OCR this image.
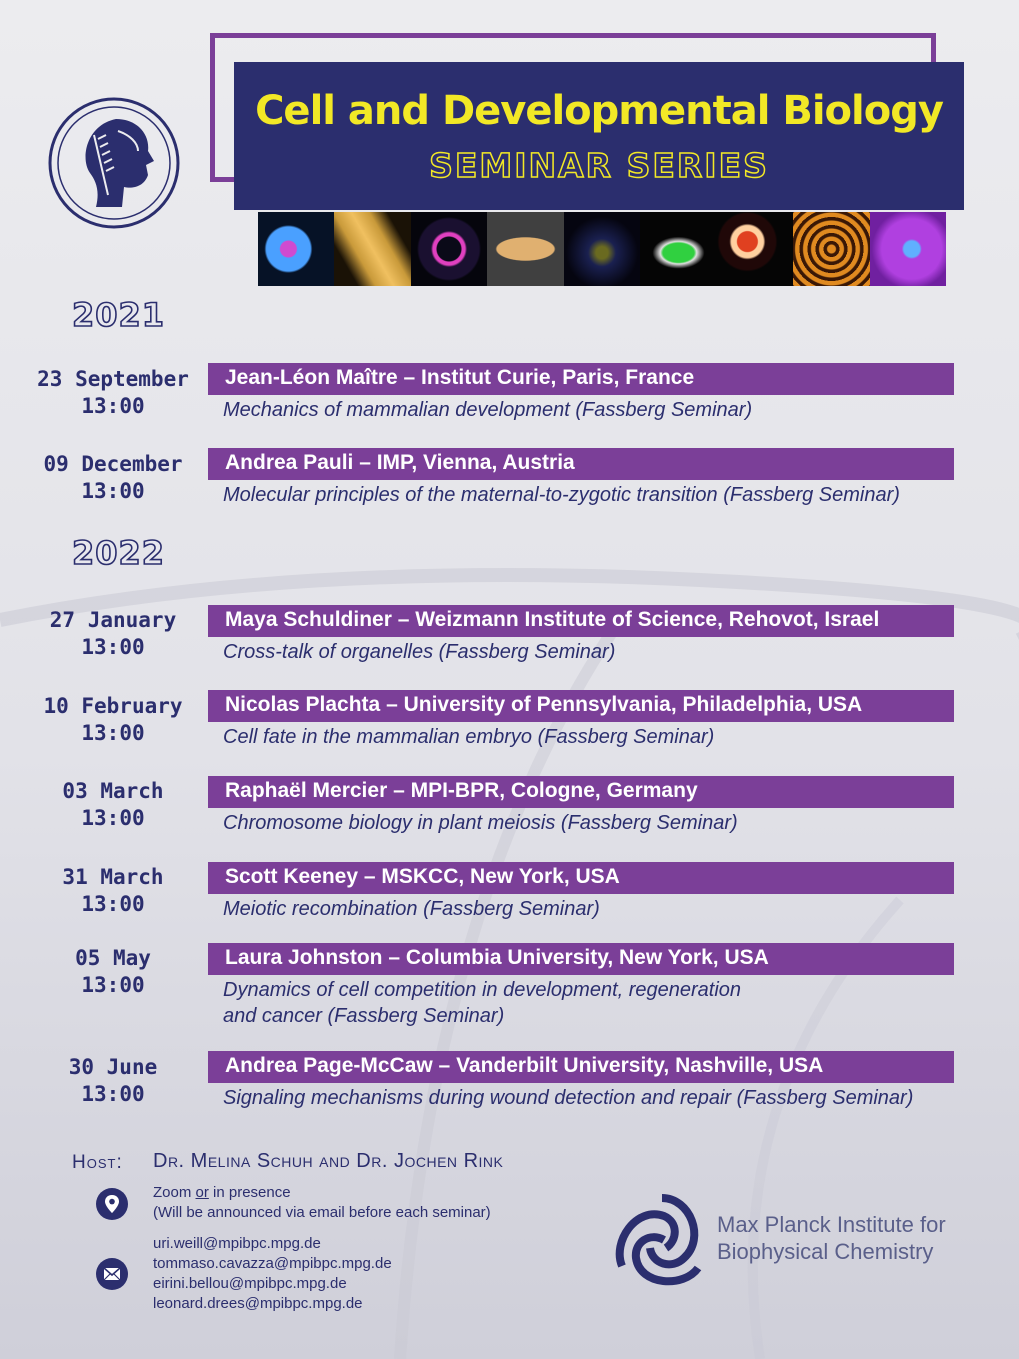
Cell and Developmental Biology
SEMINAR SERIES
2021
2022
23 September
13:00
Jean-Léon Maître – Institut Curie, Paris, France
Mechanics of mammalian development (Fassberg Seminar)
09 December
13:00
Andrea Pauli – IMP, Vienna, Austria
Molecular principles of the maternal-to-zygotic transition (Fassberg Seminar)
27 January
13:00
Maya Schuldiner – Weizmann Institute of Science, Rehovot, Israel
Cross-talk of organelles (Fassberg Seminar)
10 February
13:00
Nicolas Plachta – University of Pennsylvania, Philadelphia, USA
Cell fate in the mammalian embryo (Fassberg Seminar)
03 March
13:00
Raphaël Mercier – MPI-BPR, Cologne, Germany
Chromosome biology in plant meiosis (Fassberg Seminar)
31 March
13:00
Scott Keeney – MSKCC, New York, USA
Meiotic recombination (Fassberg Seminar)
05 May
13:00
Laura Johnston – Columbia University, New York, USA
Dynamics of cell competition in development, regeneration
and cancer (Fassberg Seminar)
30 June
13:00
Andrea Page-McCaw – Vanderbilt University, Nashville, USA
Signaling mechanisms during wound detection and repair (Fassberg Seminar)
Host: Dr. Melina Schuh and Dr. Jochen Rink
Zoom or in presence
(Will be announced via email before each seminar)
uri.weill@mpibpc.mpg.de
tommaso.cavazza@mpibpc.mpg.de
eirini.bellou@mpibpc.mpg.de
leonard.drees@mpibpc.mpg.de
Max Planck Institute for
Biophysical Chemistry
